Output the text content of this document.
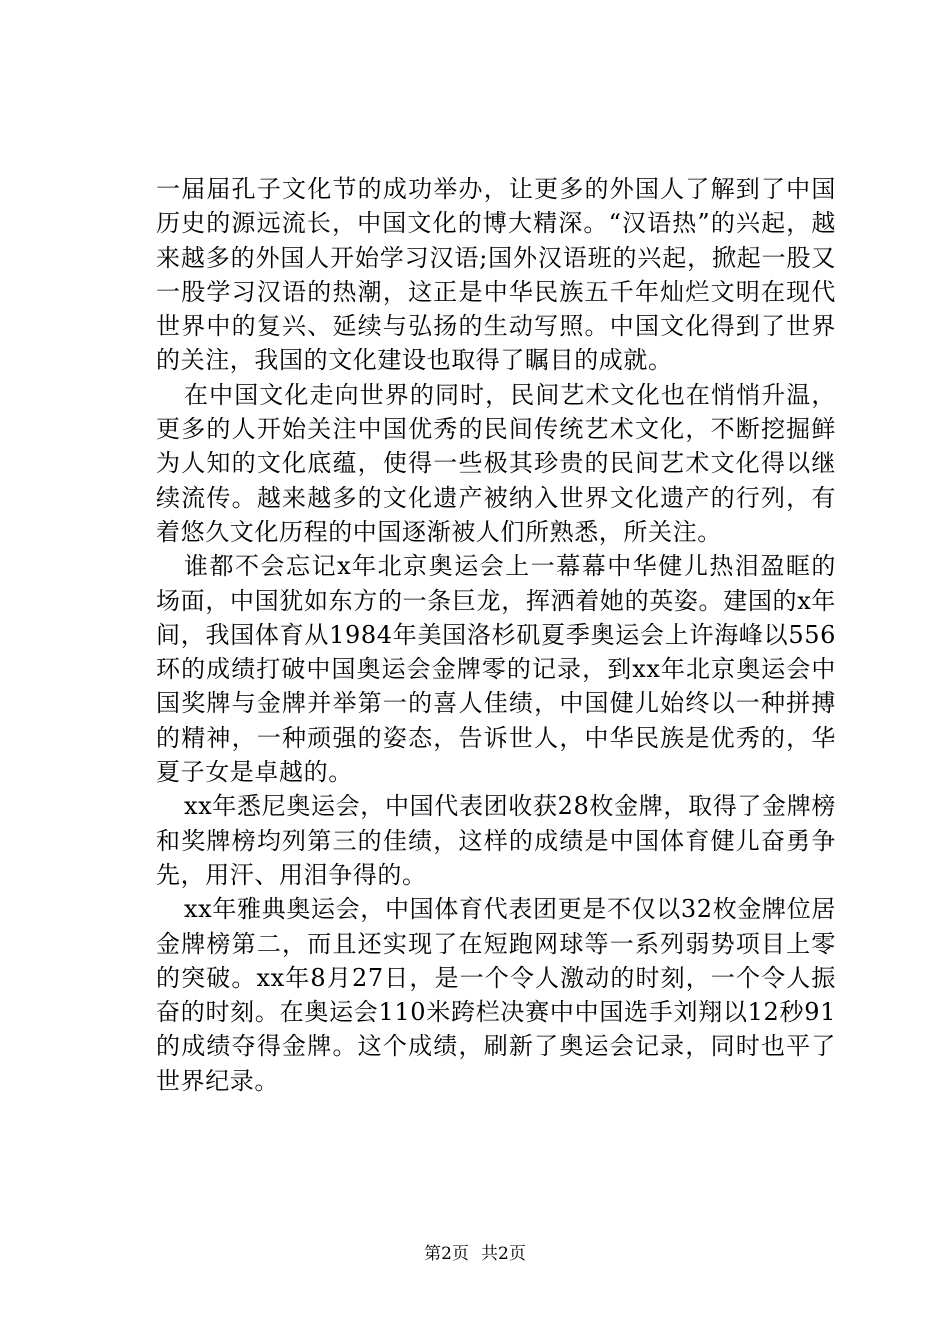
一届届孔子文化节的成功举办，让更多的外国人了解到了中国历史的源远流长，中国文化的博大精深。“汉语热”的兴起，越来越多的外国人开始学习汉语;国外汉语班的兴起，掀起一股又一股学习汉语的热潮，这正是中华民族五千年灿烂文明在现代世界中的复兴、延续与弘扬的生动写照。中国文化得到了世界的关注，我国的文化建设也取得了瞩目的成就。

在中国文化走向世界的同时，民间艺术文化也在悄悄升温，更多的人开始关注中国优秀的民间传统艺术文化，不断挖掘鲜为人知的文化底蕴，使得一些极其珍贵的民间艺术文化得以继续流传。越来越多的文化遗产被纳入世界文化遗产的行列，有着悠久文化历程的中国逐渐被人们所熟悉，所关注。

谁都不会忘记x年北京奥运会上一幕幕中华健儿热泪盈眶的场面，中国犹如东方的一条巨龙，挥洒着她的英姿。建国的x年间，我国体育从1984年美国洛杉矶夏季奥运会上许海峰以556环的成绩打破中国奥运会金牌零的记录，到xx年北京奥运会中国奖牌与金牌并举第一的喜人佳绩，中国健儿始终以一种拼搏的精神，一种顽强的姿态，告诉世人，中华民族是优秀的，华夏子女是卓越的。

xx年悉尼奥运会，中国代表团收获28枚金牌，取得了金牌榜和奖牌榜均列第三的佳绩，这样的成绩是中国体育健儿奋勇争先，用汗、用泪争得的。

xx年雅典奥运会，中国体育代表团更是不仅以32枚金牌位居金牌榜第二，而且还实现了在短跑网球等一系列弱势项目上零的突破。xx年8月27日，是一个令人激动的时刻，一个令人振奋的时刻。在奥运会110米跨栏决赛中中国选手刘翔以12秒91的成绩夺得金牌。这个成绩，刷新了奥运会记录，同时也平了世界纪录。

第2页 共2页
